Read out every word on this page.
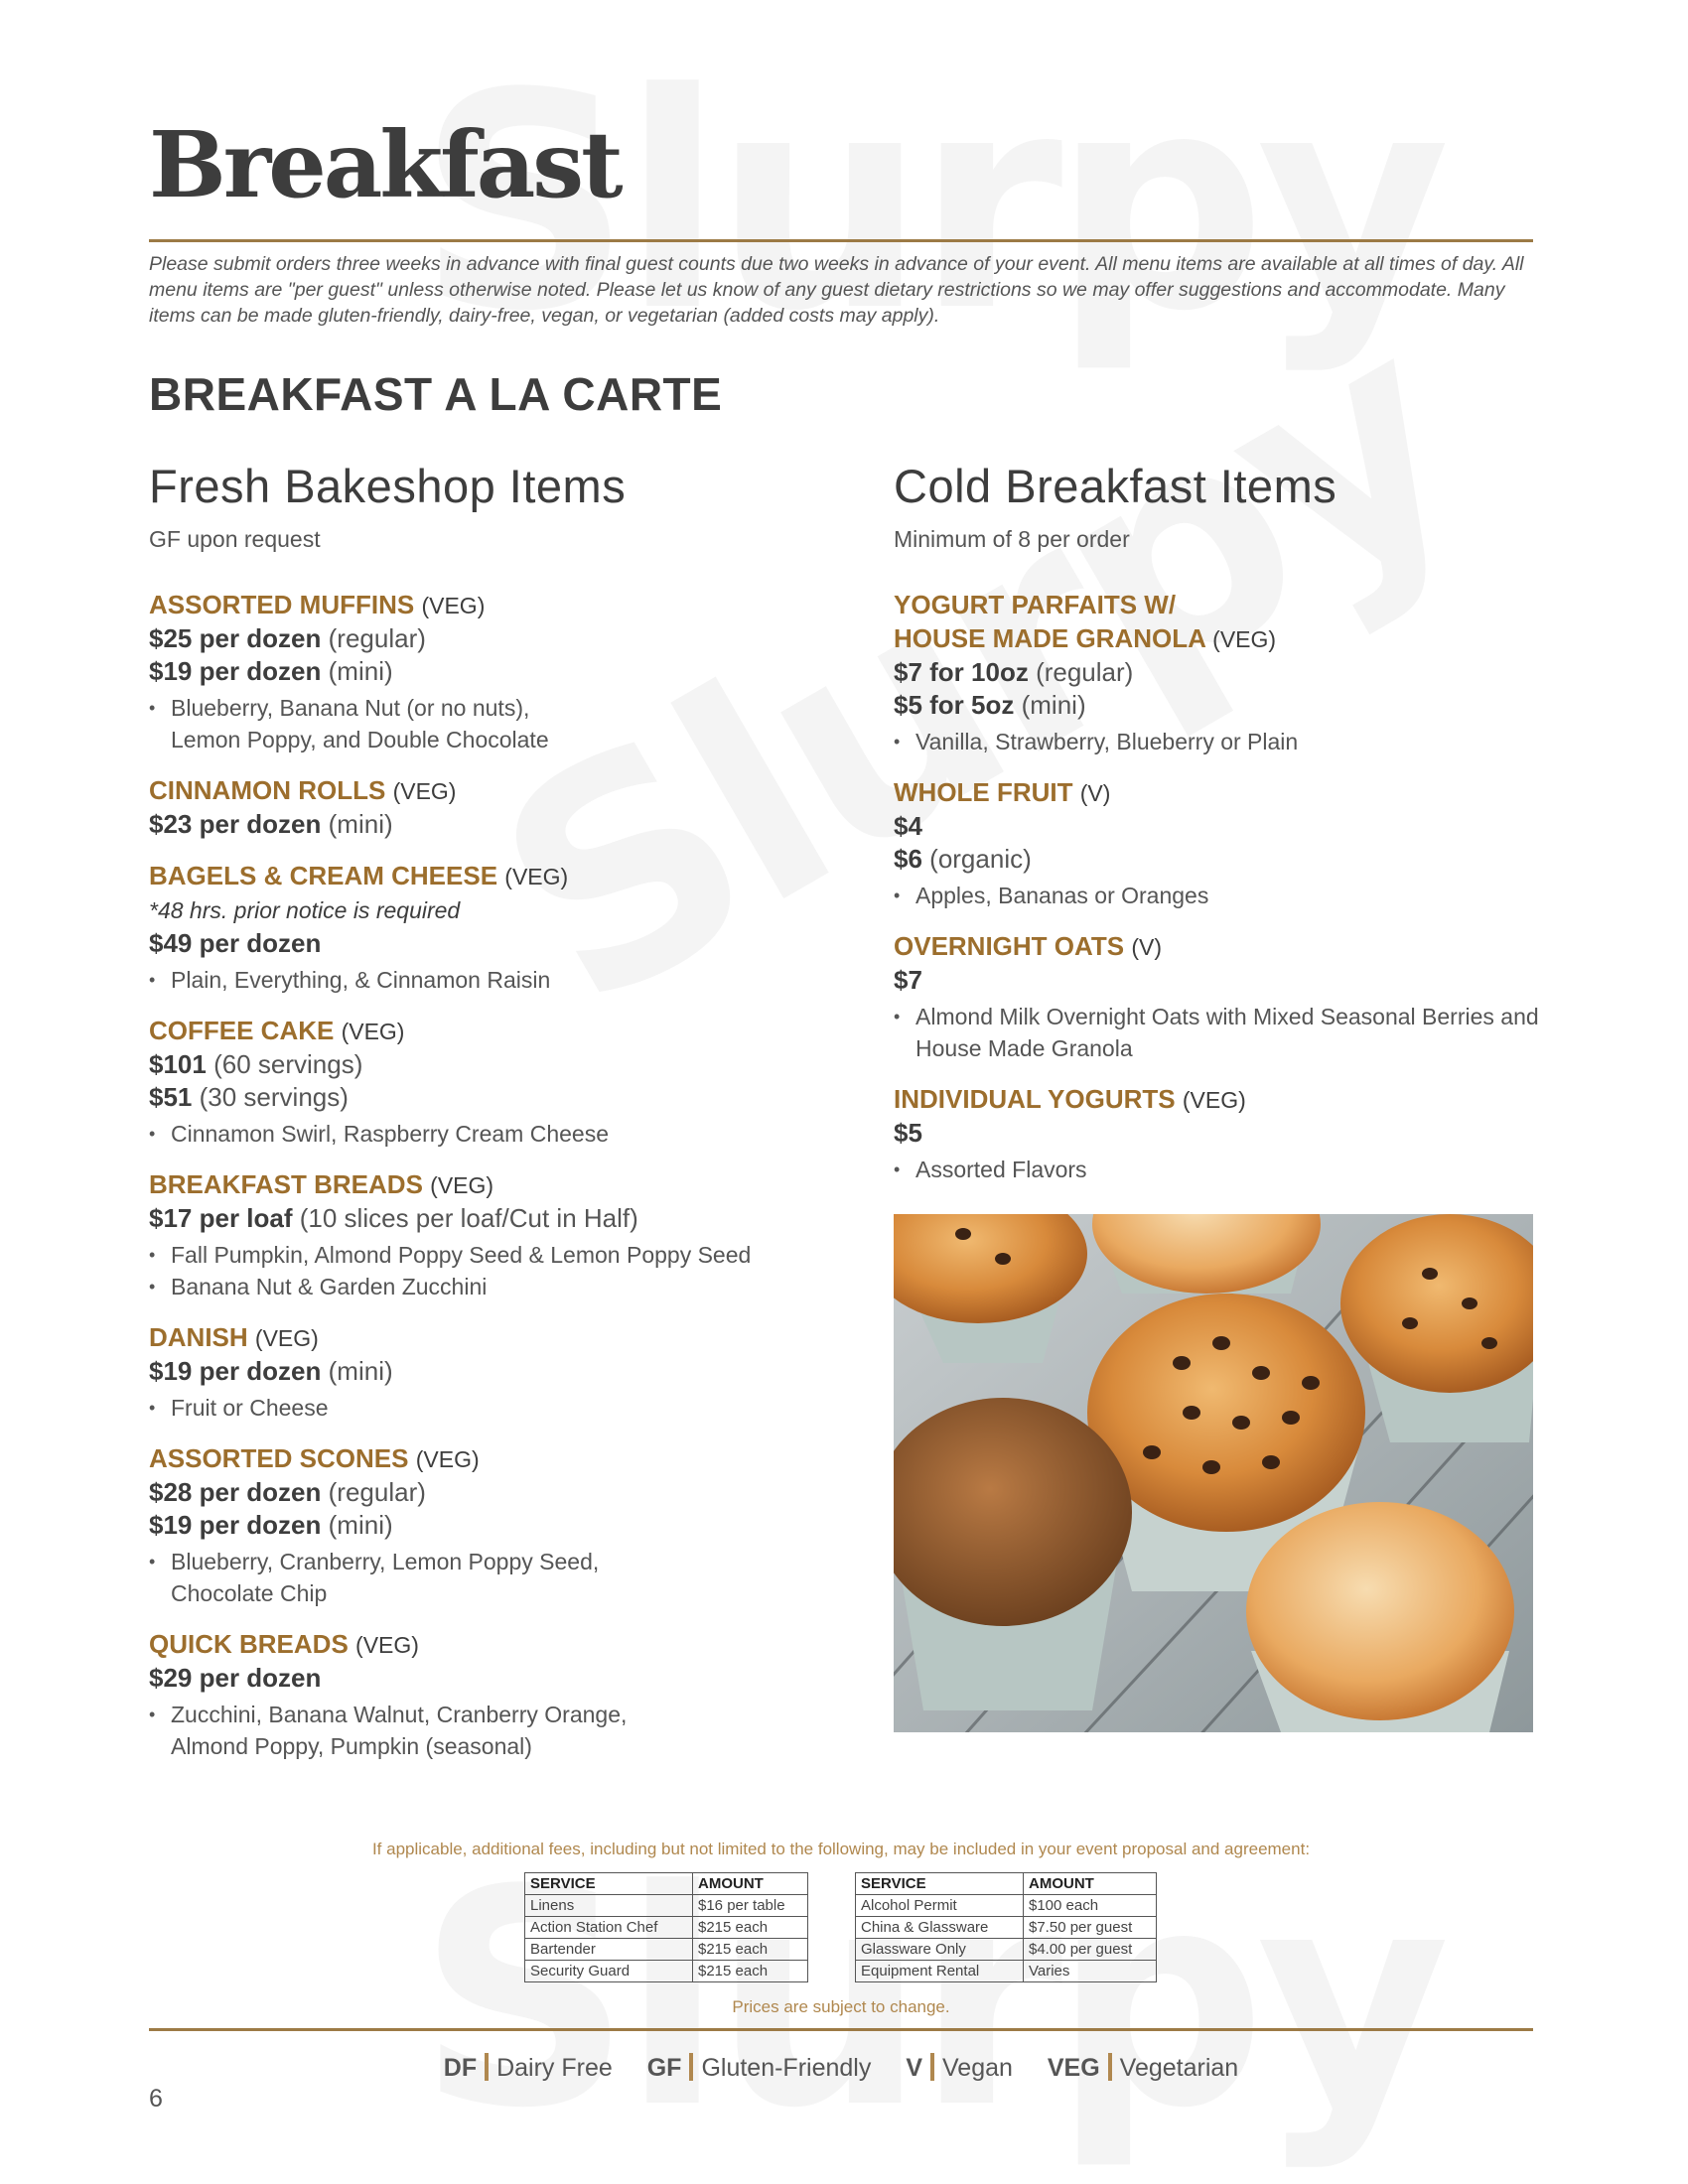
Breakfast

Please submit orders three weeks in advance with final guest counts due two weeks in advance of your event. All menu items are available at all times of day. All menu items are "per guest" unless otherwise noted. Please let us know of any guest dietary restrictions so we may offer suggestions and accommodate. Many items can be made gluten-friendly, dairy-free, vegan, or vegetarian (added costs may apply).

BREAKFAST A LA CARTE
Fresh Bakeshop Items

GF upon request

ASSORTED MUFFINS (VEG)
$25 per dozen (regular)
$19 per dozen (mini)
• Blueberry, Banana Nut (or no nuts), Lemon Poppy, and Double Chocolate
CINNAMON ROLLS (VEG)
$23 per dozen (mini)
BAGELS & CREAM CHEESE (VEG)
*48 hrs. prior notice is required
$49 per dozen
• Plain, Everything, & Cinnamon Raisin
COFFEE CAKE (VEG)
$101 (60 servings)
$51 (30 servings)
• Cinnamon Swirl, Raspberry Cream Cheese
BREAKFAST BREADS (VEG)
$17 per loaf (10 slices per loaf/Cut in Half)
• Fall Pumpkin, Almond Poppy Seed & Lemon Poppy Seed
• Banana Nut & Garden Zucchini
DANISH (VEG)
$19 per dozen (mini)
• Fruit or Cheese
ASSORTED SCONES (VEG)
$28 per dozen (regular)
$19 per dozen (mini)
• Blueberry, Cranberry, Lemon Poppy Seed, Chocolate Chip
QUICK BREADS (VEG)
$29 per dozen
• Zucchini, Banana Walnut, Cranberry Orange, Almond Poppy, Pumpkin (seasonal)
Cold Breakfast Items

Minimum of 8 per order

YOGURT PARFAITS W/
HOUSE MADE GRANOLA (VEG)
$7 for 10oz (regular)
$5 for 5oz (mini)
• Vanilla, Strawberry, Blueberry or Plain
WHOLE FRUIT (V)
$4
$6 (organic)
• Apples, Bananas or Oranges
OVERNIGHT OATS (V)
$7
• Almond Milk Overnight Oats with Mixed Seasonal Berries and House Made Granola
INDIVIDUAL YOGURTS (VEG)
$5
• Assorted Flavors

If applicable, additional fees, including but not limited to the following, may be included in your event proposal and agreement:

SERVICE	AMOUNT
Linens	$16 per table
Action Station Chef	$215 each
Bartender	$215 each
Security Guard	$215 each
SERVICE	AMOUNT
Alcohol Permit	$100 each
China & Glassware	$7.50 per guest
Glassware Only	$4.00 per guest
Equipment Rental	Varies

Prices are subject to change.

DF Dairy Free GF Gluten-Friendly V Vegan VEG Vegetarian
6
